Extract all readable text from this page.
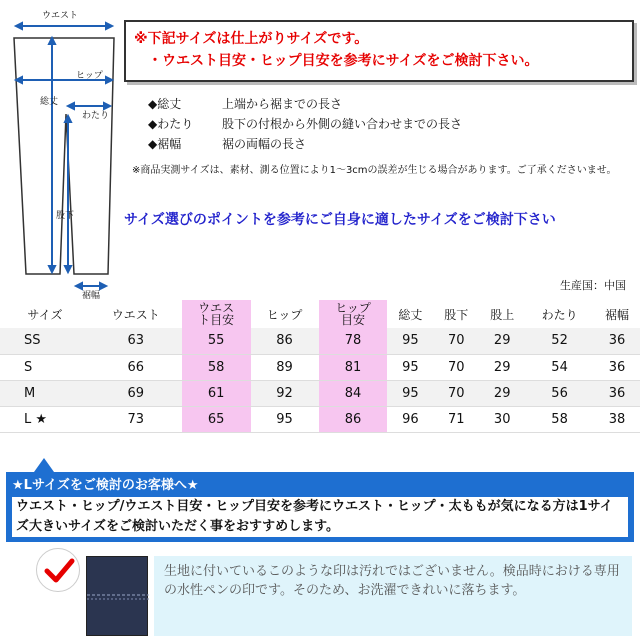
ウエスト
ヒップ
総丈
わたり
股下
裾幅
※下記サイズは仕上がりサイズです。
・ウエスト目安・ヒップ目安を参考にサイズをご検討下さい。
◆総丈	上端から裾までの長さ
◆わたり	股下の付根から外側の縫い合わせまでの長さ
◆裾幅	裾の両幅の長さ
※商品実測サイズは、素材、測る位置により1～3cmの誤差が生じる場合があります。ご了承くださいませ。
サイズ選びのポイントを参考にご自身に適したサイズをご検討下さい
生産国：中国
サイズ	ウエスト	ウエスト目安	ヒップ	ヒップ目安	総丈	股下	股上	わたり	裾幅
SS	63	55	86	78	95	70	29	52	36
S	66	58	89	81	95	70	29	54	36
M	69	61	92	84	95	70	29	56	36
L ★	73	65	95	86	96	71	30	58	38
★Lサイズをご検討のお客様へ★
ウエスト・ヒップ/ウエスト目安・ヒップ目安を参考にウエスト・ヒップ・太ももが気になる方は1サイズ大きいサイズをご検討いただく事をおすすめします。
生地に付いているこのような印は汚れではございません。検品時における専用の水性ペンの印です。そのため、お洗濯できれいに落ちます。
